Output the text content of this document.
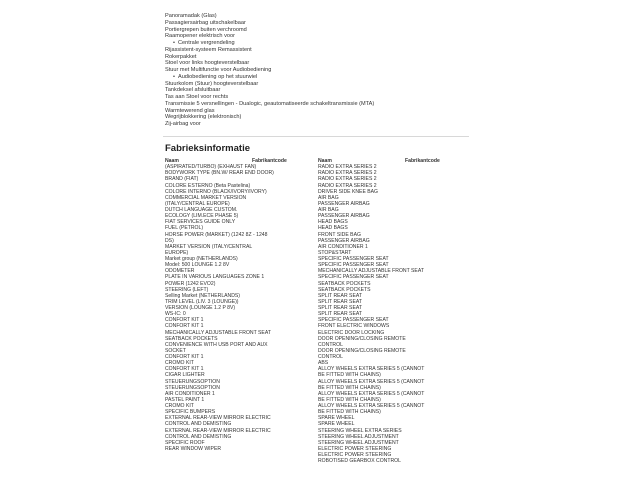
Panoramadak (Glas)
Passagiersairbag uitschakelbaar
Portiergrepen buiten verchroomd
Raamopener elektrisch voor
• Centrale vergrendeling
Rijassistent-systeem Remassistent
Rokerpakket
Stoel voor links hoogteverstelbaar
Stuur met Multifunctie voor Audiobediening
• Audiobediening op het stuurwiel
Stuurkolom (Stuur) hoogteverstelbaar
Tankdeksel afsluitbaar
Tas aan Stoel voor rechts
Transmissie 5 versnellingen - Dualogic, geautomatiseerde schakeltransmissie (MTA)
Warmtewerend glas
Wegrijblokkering (elektronisch)
Zij-airbag voor
Fabrieksinformatie
Naam	Fabrikantcode
(ASPIRATED/TURBO) (EXHAUST FAN)
BODYWORK TYPE (BN.W/ REAR END DOOR)
BRAND (FIAT)
COLORE ESTERNO (Beta Pastelina)
COLORE INTERNO (BLACK/IVORY/IVORY)
COMMERCIAL MARKET VERSION
(ITALY/CENTRAL EUROPE)
DUTCH LANGUAGE CUSTOM.
ECOLOGY (LIM.ECE PHASE 5)
FIAT SERVICES GUIDE ONLY
FUEL (PETROL)
HORSE POWER (MARKET) (1242 8Z - 1248
DS)
MARKET VERSION (ITALY/CENTRAL
EUROPE)
Market group (NETHERLANDS)
Model: 500 LOUNGE 1.2 8V
ODOMETER
PLATE IN VARIOUS LANGUAGES ZONE 1
POWER (1242 EVO2)
STEERING (LEFT)
Selling Market (NETHERLANDS)
TRIM LEVEL (LIV. 3 (LOUNGE))
VERSION (LOUNGE 1.2 P 8V)
WS-IC: 0
CONFORT KIT 1
CONFORT KIT 1
MECHANICALLY ADJUSTABLE FRONT SEAT
SEATBACK POCKETS
CONVENIENCE WITH USB PORT AND AUX
SOCKET
CONFORT KIT 1
CROMO KIT
CONFORT KIT 1
CIGAR LIGHTER
STEUERUNGSOPTION
STEUERUNGSOPTION
AIR CONDITIONER 1
PASTEL PAINT 1
CROMO KIT
SPECIFIC BUMPERS
EXTERNAL REAR-VIEW MIRROR ELECTRIC
CONTROL AND DEMISTING
EXTERNAL REAR-VIEW MIRROR ELECTRIC
CONTROL AND DEMISTING
SPECIFIC ROOF
REAR WINDOW WIPER
Naam	Fabrikantcode
RADIO EXTRA SERIES 2
RADIO EXTRA SERIES 2
RADIO EXTRA SERIES 2
RADIO EXTRA SERIES 2
DRIVER SIDE KNEE BAG
AIR BAG
PASSENGER AIRBAG
AIR BAG
PASSENGER AIRBAG
HEAD BAGS
HEAD BAGS
FRONT SIDE BAG
PASSENGER AIRBAG
AIR CONDITIONER 1
STOP&START
SPECIFIC PASSENGER SEAT
SPECIFIC PASSENGER SEAT
MECHANICALLY ADJUSTABLE FRONT SEAT
SPECIFIC PASSENGER SEAT
SEATBACK POCKETS
SEATBACK POCKETS
SPLIT REAR SEAT
SPLIT REAR SEAT
SPLIT REAR SEAT
SPLIT REAR SEAT
SPECIFIC PASSENGER SEAT
FRONT ELECTRIC WINDOWS
ELECTRIC DOOR LOCKING
DOOR OPENING/CLOSING REMOTE
CONTROL
DOOR OPENING/CLOSING REMOTE
CONTROL
ABS
ALLOY WHEELS EXTRA SERIES 5 (CANNOT
BE FITTED WITH CHAINS)
ALLOY WHEELS EXTRA SERIES 5 (CANNOT
BE FITTED WITH CHAINS)
ALLOY WHEELS EXTRA SERIES 5 (CANNOT
BE FITTED WITH CHAINS)
ALLOY WHEELS EXTRA SERIES 5 (CANNOT
BE FITTED WITH CHAINS)
SPARE WHEEL
SPARE WHEEL
STEERING WHEEL EXTRA SERIES
STEERING WHEEL ADJUSTMENT
STEERING WHEEL ADJUSTMENT
ELECTRIC POWER STEERING
ELECTRIC POWER STEERING
ROBOTISED GEARBOX CONTROL
